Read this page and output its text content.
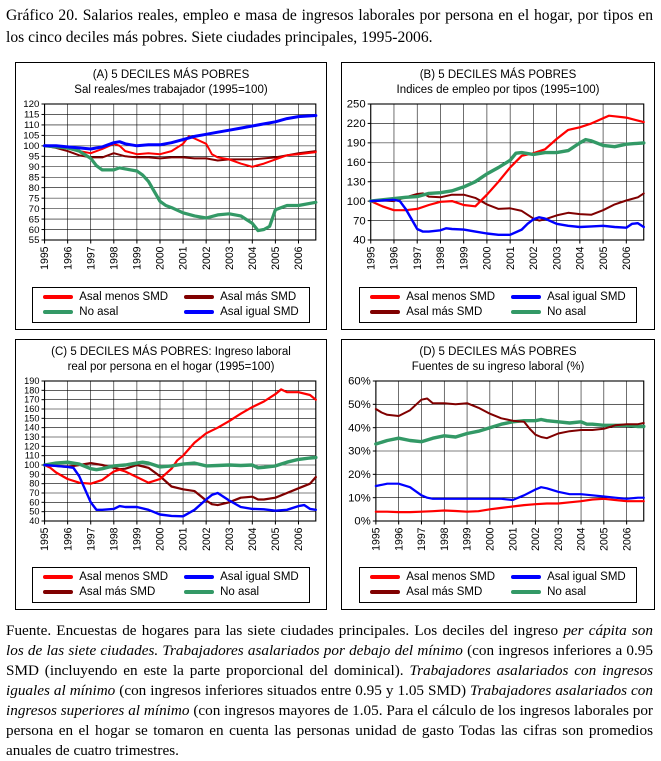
Gráfico 20. Salarios reales, empleo e masa de ingresos laborales por persona en el hogar, por tipos en los cinco deciles más pobres. Siete ciudades principales, 1995-2006.

(A) 5 DECILES MÁS POBRES
Sal reales/mes trabajador (1995=100)
55
60
65
70
75
80
85
90
95
100
105
110
115
120
1995 1996 1997 1998 1999 2000 2001 2002 2003 2004 2005 2006
Asal menos SMD	Asal más SMD
No asal	Asal igual SMD
(B) 5 DECILES MÁS POBRES
Indices de empleo por tipos (1995=100)
40
70
100
130
160
190
220
250
1995 1996 1997 1998 1999 2000 2001 2002 2003 2004 2005 2006
Asal menos SMD	Asal igual SMD
Asal más SMD	No asal
(C) 5 DECILES MÁS POBRES: Ingreso laboral
real por persona en el hogar (1995=100)
40
50
60
70
80
90
100
110
120
130
140
150
160
170
180
190
1995 1996 1997 1998 1999 2000 2001 2002 2003 2004 2005 2006
Asal menos SMD	Asal igual SMD
Asal más SMD	No asal
(D) 5 DECILES MÁS POBRES
Fuentes de su ingreso laboral (%)
0%
10%
20%
30%
40%
50%
60%
1995 1996 1997 1998 1999 2000 2001 2002 2003 2004 2005 2006
Asal menos SMD	Asal igual SMD
Asal más SMD	No asal

Fuente. Encuestas de hogares para las siete ciudades principales. Los deciles del ingreso per cápita son los de las siete ciudades. Trabajadores asalariados por debajo del mínimo (con ingresos inferiores a 0.95 SMD (incluyendo en este la parte proporcional del dominical). Trabajadores asalariados con ingresos iguales al mínimo (con ingresos inferiores situados entre 0.95 y 1.05 SMD) Trabajadores asalariados con ingresos superiores al mínimo (con ingresos mayores de 1.05. Para el cálculo de los ingresos laborales por persona en el hogar se tomaron en cuenta las personas unidad de gasto Todas las cifras son promedios anuales de cuatro trimestres.
